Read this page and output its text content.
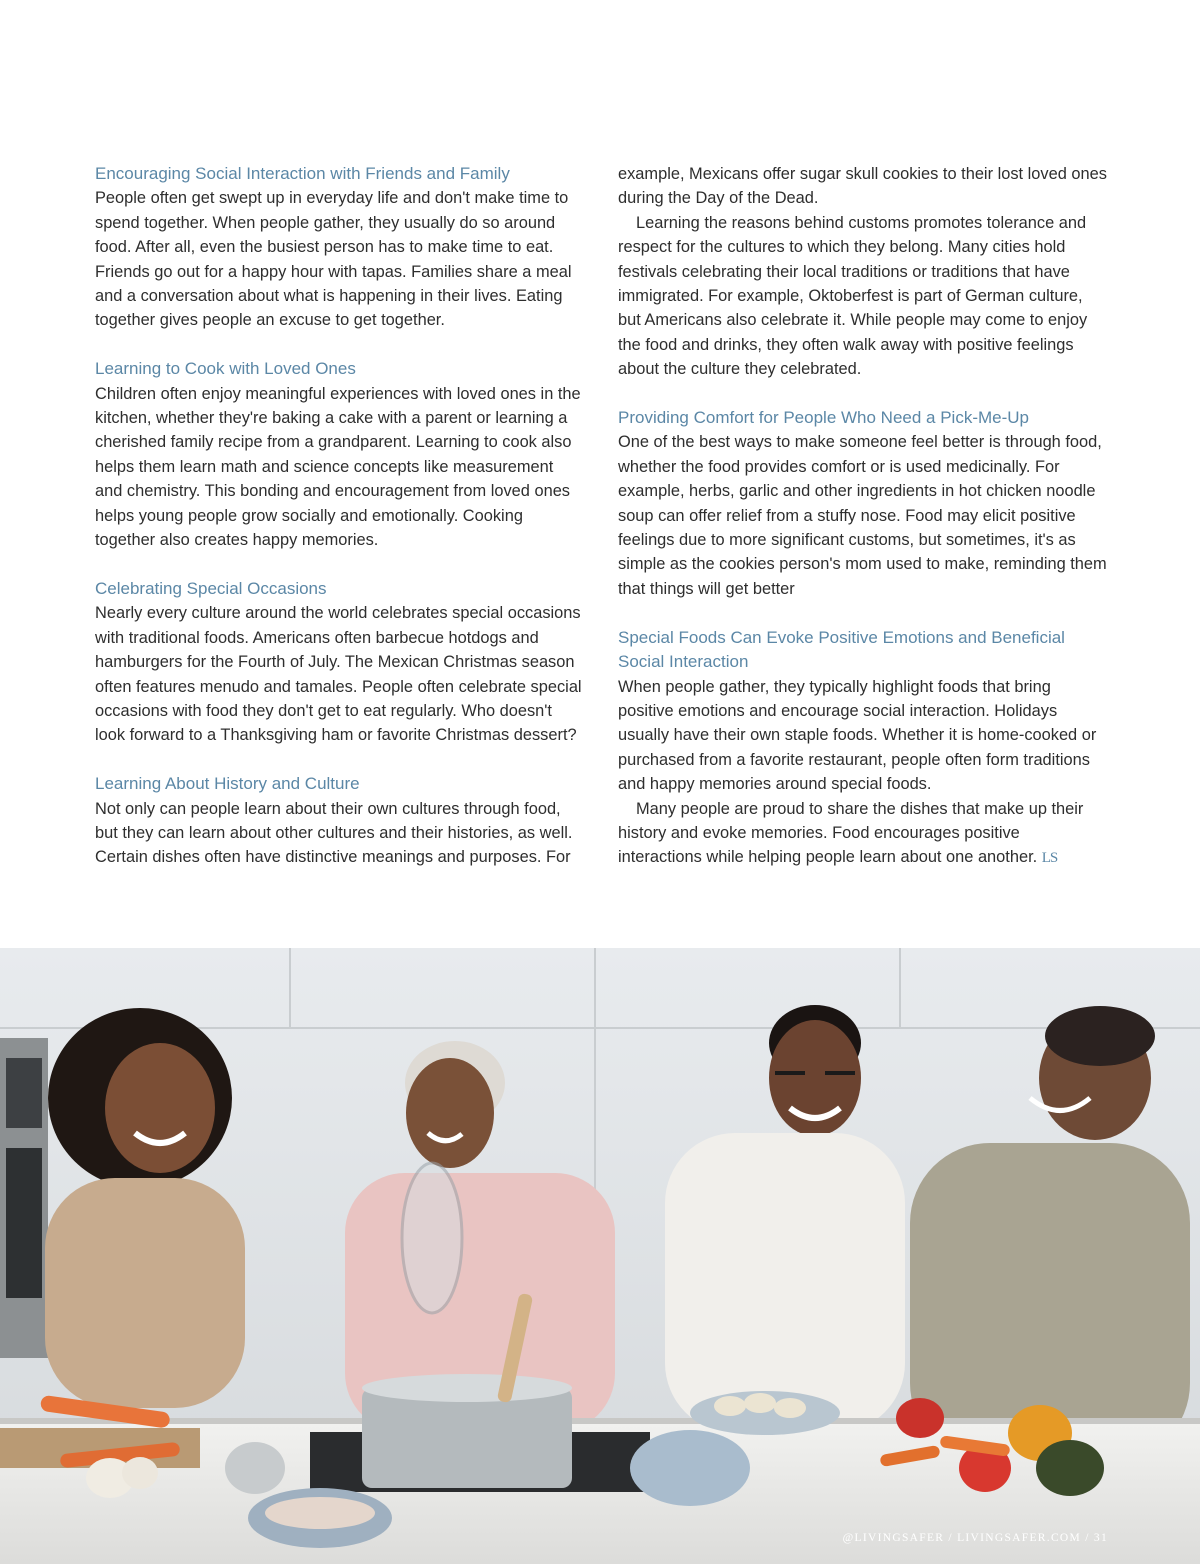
Encouraging Social Interaction with Friends and Family

People often get swept up in everyday life and don't make time to spend together. When people gather, they usually do so around food. After all, even the busiest person has to make time to eat. Friends go out for a happy hour with tapas. Families share a meal and a conversation about what is happening in their lives. Eating together gives people an excuse to get together.

Learning to Cook with Loved Ones

Children often enjoy meaningful experiences with loved ones in the kitchen, whether they're baking a cake with a parent or learning a cherished family recipe from a grandparent. Learning to cook also helps them learn math and science concepts like measurement and chemistry. This bonding and encouragement from loved ones helps young people grow socially and emotionally. Cooking together also creates happy memories.

Celebrating Special Occasions

Nearly every culture around the world celebrates special occasions with traditional foods. Americans often barbecue hotdogs and hamburgers for the Fourth of July. The Mexican Christmas season often features menudo and tamales. People often celebrate special occasions with food they don't get to eat regularly. Who doesn't look forward to a Thanksgiving ham or favorite Christmas dessert?

Learning About History and Culture

Not only can people learn about their own cultures through food, but they can learn about other cultures and their histories, as well. Certain dishes often have distinctive meanings and purposes. For

example, Mexicans offer sugar skull cookies to their lost loved ones during the Day of the Dead.

Learning the reasons behind customs promotes tolerance and respect for the cultures to which they belong. Many cities hold festivals celebrating their local traditions or traditions that have immigrated. For example, Oktoberfest is part of German culture, but Americans also celebrate it. While people may come to enjoy the food and drinks, they often walk away with positive feelings about the culture they celebrated.

Providing Comfort for People Who Need a Pick-Me-Up

One of the best ways to make someone feel better is through food, whether the food provides comfort or is used medicinally. For example, herbs, garlic and other ingredients in hot chicken noodle soup can offer relief from a stuffy nose. Food may elicit positive feelings due to more significant customs, but sometimes, it's as simple as the cookies person's mom used to make, reminding them that things will get better

Special Foods Can Evoke Positive Emotions and Beneficial Social Interaction

When people gather, they typically highlight foods that bring positive emotions and encourage social interaction. Holidays usually have their own staple foods. Whether it is home-cooked or purchased from a favorite restaurant, people often form traditions and happy memories around special foods.

Many people are proud to share the dishes that make up their history and evoke memories. Food encourages positive interactions while helping people learn about one another. LS

@LIVINGSAFER / LIVINGSAFER.COM / 31
